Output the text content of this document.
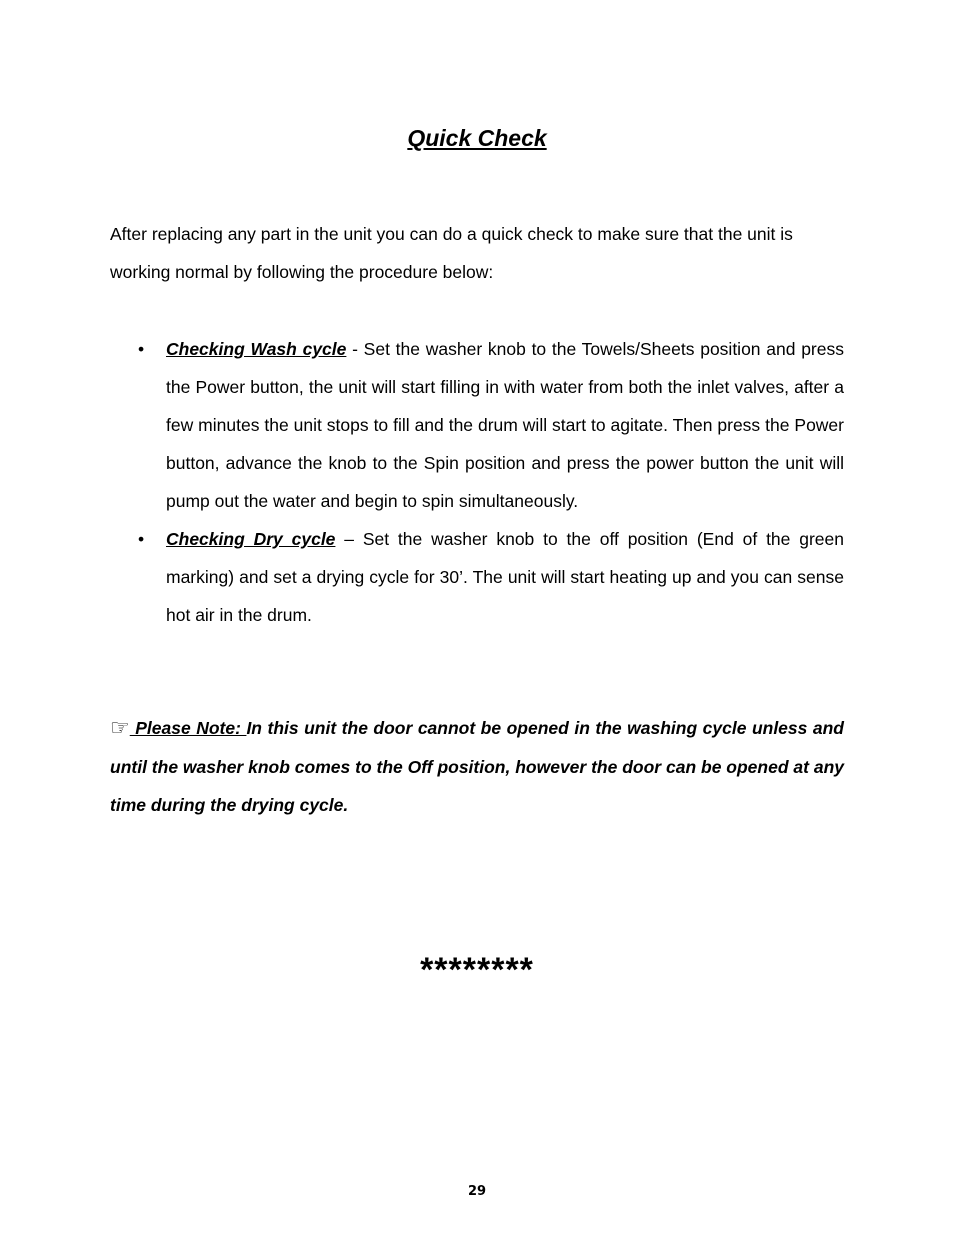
Quick Check

After replacing any part in the unit you can do a quick check to make sure that the unit is working normal by following the procedure below:

• Checking Wash cycle - Set the washer knob to the Towels/Sheets position and press the Power button, the unit will start filling in with water from both the inlet valves, after a few minutes the unit stops to fill and the drum will start to agitate. Then press the Power button, advance the knob to the Spin position and press the power button the unit will pump out the water and begin to spin simultaneously.
• Checking Dry cycle – Set the washer knob to the off position (End of the green marking) and set a drying cycle for 30’. The unit will start heating up and you can sense hot air in the drum.

☞ Please Note: In this unit the door cannot be opened in the washing cycle unless and until the washer knob comes to the Off position, however the door can be opened at any time during the drying cycle.

********
29
